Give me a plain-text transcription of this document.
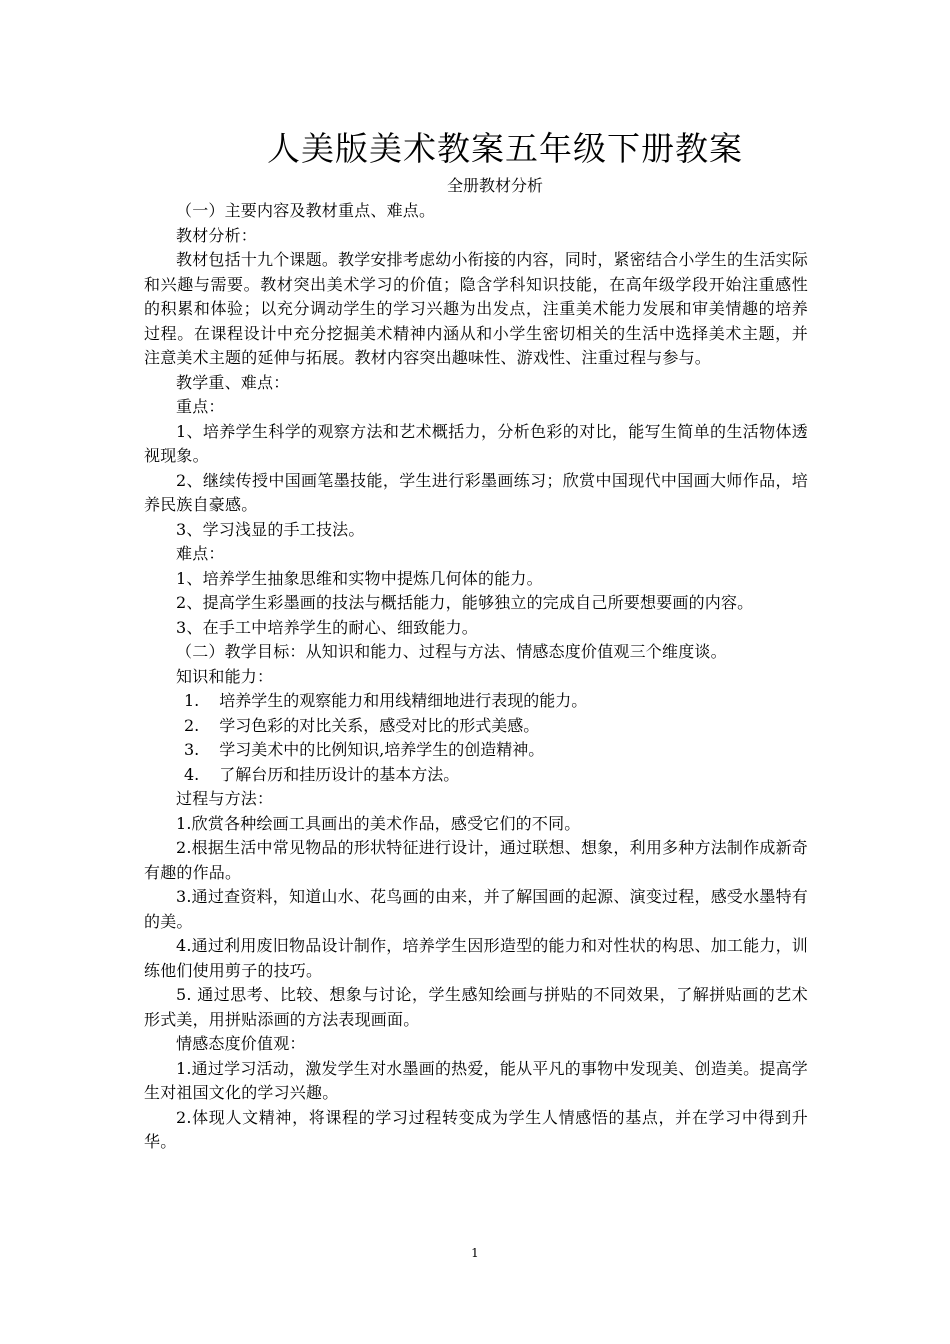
人美版美术教案五年级下册教案

全册教材分析

（一）主要内容及教材重点、难点。

教材分析：

教材包括十九个课题。教学安排考虑幼小衔接的内容，同时，紧密结合小学生的生活实际和兴趣与需要。教材突出美术学习的价值；隐含学科知识技能，在高年级学段开始注重感性的积累和体验；以充分调动学生的学习兴趣为出发点，注重美术能力发展和审美情趣的培养过程。在课程设计中充分挖掘美术精神内涵从和小学生密切相关的生活中选择美术主题，并注意美术主题的延伸与拓展。教材内容突出趣味性、游戏性、注重过程与参与。

教学重、难点：

重点：

1、培养学生科学的观察方法和艺术概括力，分析色彩的对比，能写生简单的生活物体透视现象。

2、继续传授中国画笔墨技能，学生进行彩墨画练习；欣赏中国现代中国画大师作品，培养民族自豪感。

3、学习浅显的手工技法。

难点：

1、培养学生抽象思维和实物中提炼几何体的能力。

2、提高学生彩墨画的技法与概括能力，能够独立的完成自己所要想要画的内容。

3、在手工中培养学生的耐心、细致能力。

（二）教学目标：从知识和能力、过程与方法、情感态度价值观三个维度谈。

知识和能力：

1. 培养学生的观察能力和用线精细地进行表现的能力。
2. 学习色彩的对比关系，感受对比的形式美感。
3. 学习美术中的比例知识,培养学生的创造精神。
4. 了解台历和挂历设计的基本方法。

过程与方法：

1.欣赏各种绘画工具画出的美术作品，感受它们的不同。

2.根据生活中常见物品的形状特征进行设计，通过联想、想象，利用多种方法制作成新奇有趣的作品。

3.通过查资料，知道山水、花鸟画的由来，并了解国画的起源、演变过程，感受水墨特有的美。

4.通过利用废旧物品设计制作，培养学生因形造型的能力和对性状的构思、加工能力，训练他们使用剪子的技巧。

5. 通过思考、比较、想象与讨论，学生感知绘画与拼贴的不同效果，了解拼贴画的艺术形式美，用拼贴添画的方法表现画面。

情感态度价值观：

1.通过学习活动，激发学生对水墨画的热爱，能从平凡的事物中发现美、创造美。提高学生对祖国文化的学习兴趣。

2.体现人文精神，将课程的学习过程转变成为学生人情感悟的基点，并在学习中得到升华。

1
